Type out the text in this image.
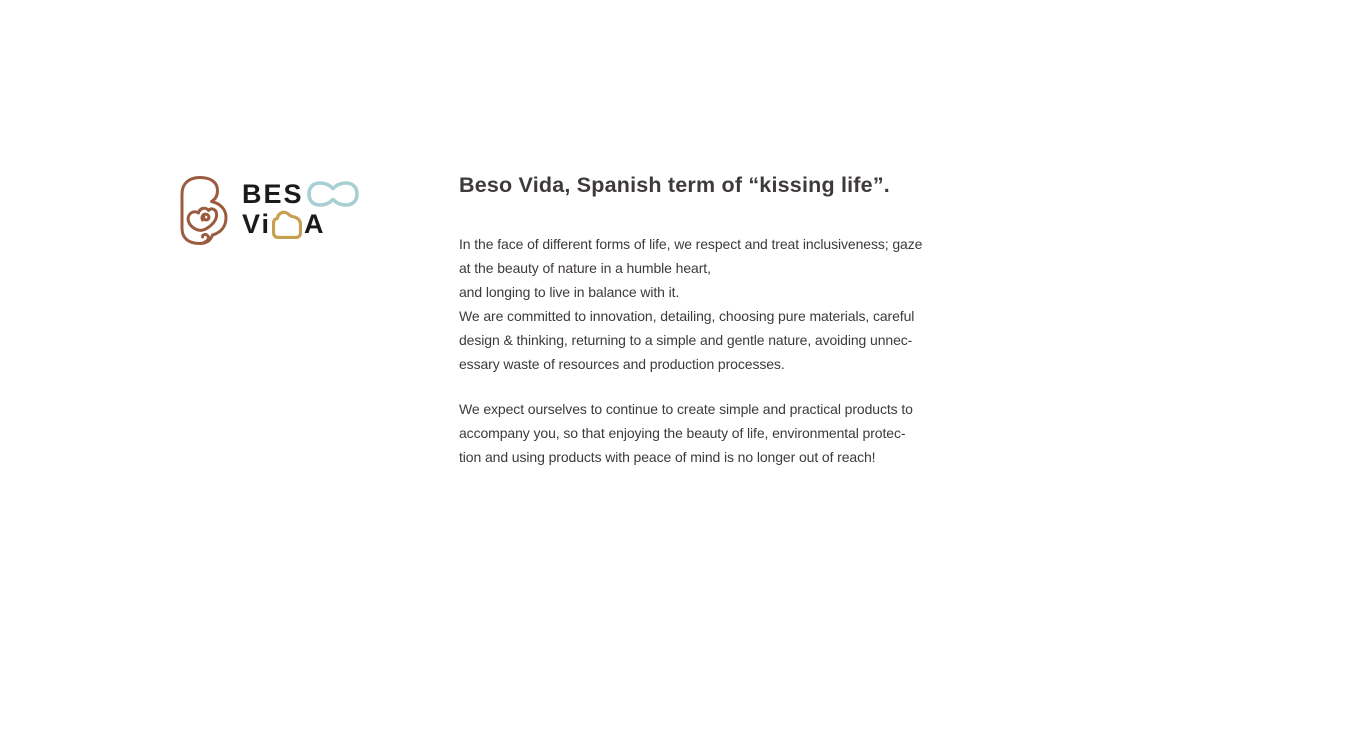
BES
Vi A
Beso Vida, Spanish term of “kissing life”.

In the face of different forms of life, we respect and treat inclusiveness; gaze
at the beauty of nature in a humble heart,
and longing to live in balance with it.
We are committed to innovation, detailing, choosing pure materials, careful
design & thinking, returning to a simple and gentle nature, avoiding unnec-
essary waste of resources and production processes.

We expect ourselves to continue to create simple and practical products to
accompany you, so that enjoying the beauty of life, environmental protec-
tion and using products with peace of mind is no longer out of reach!
